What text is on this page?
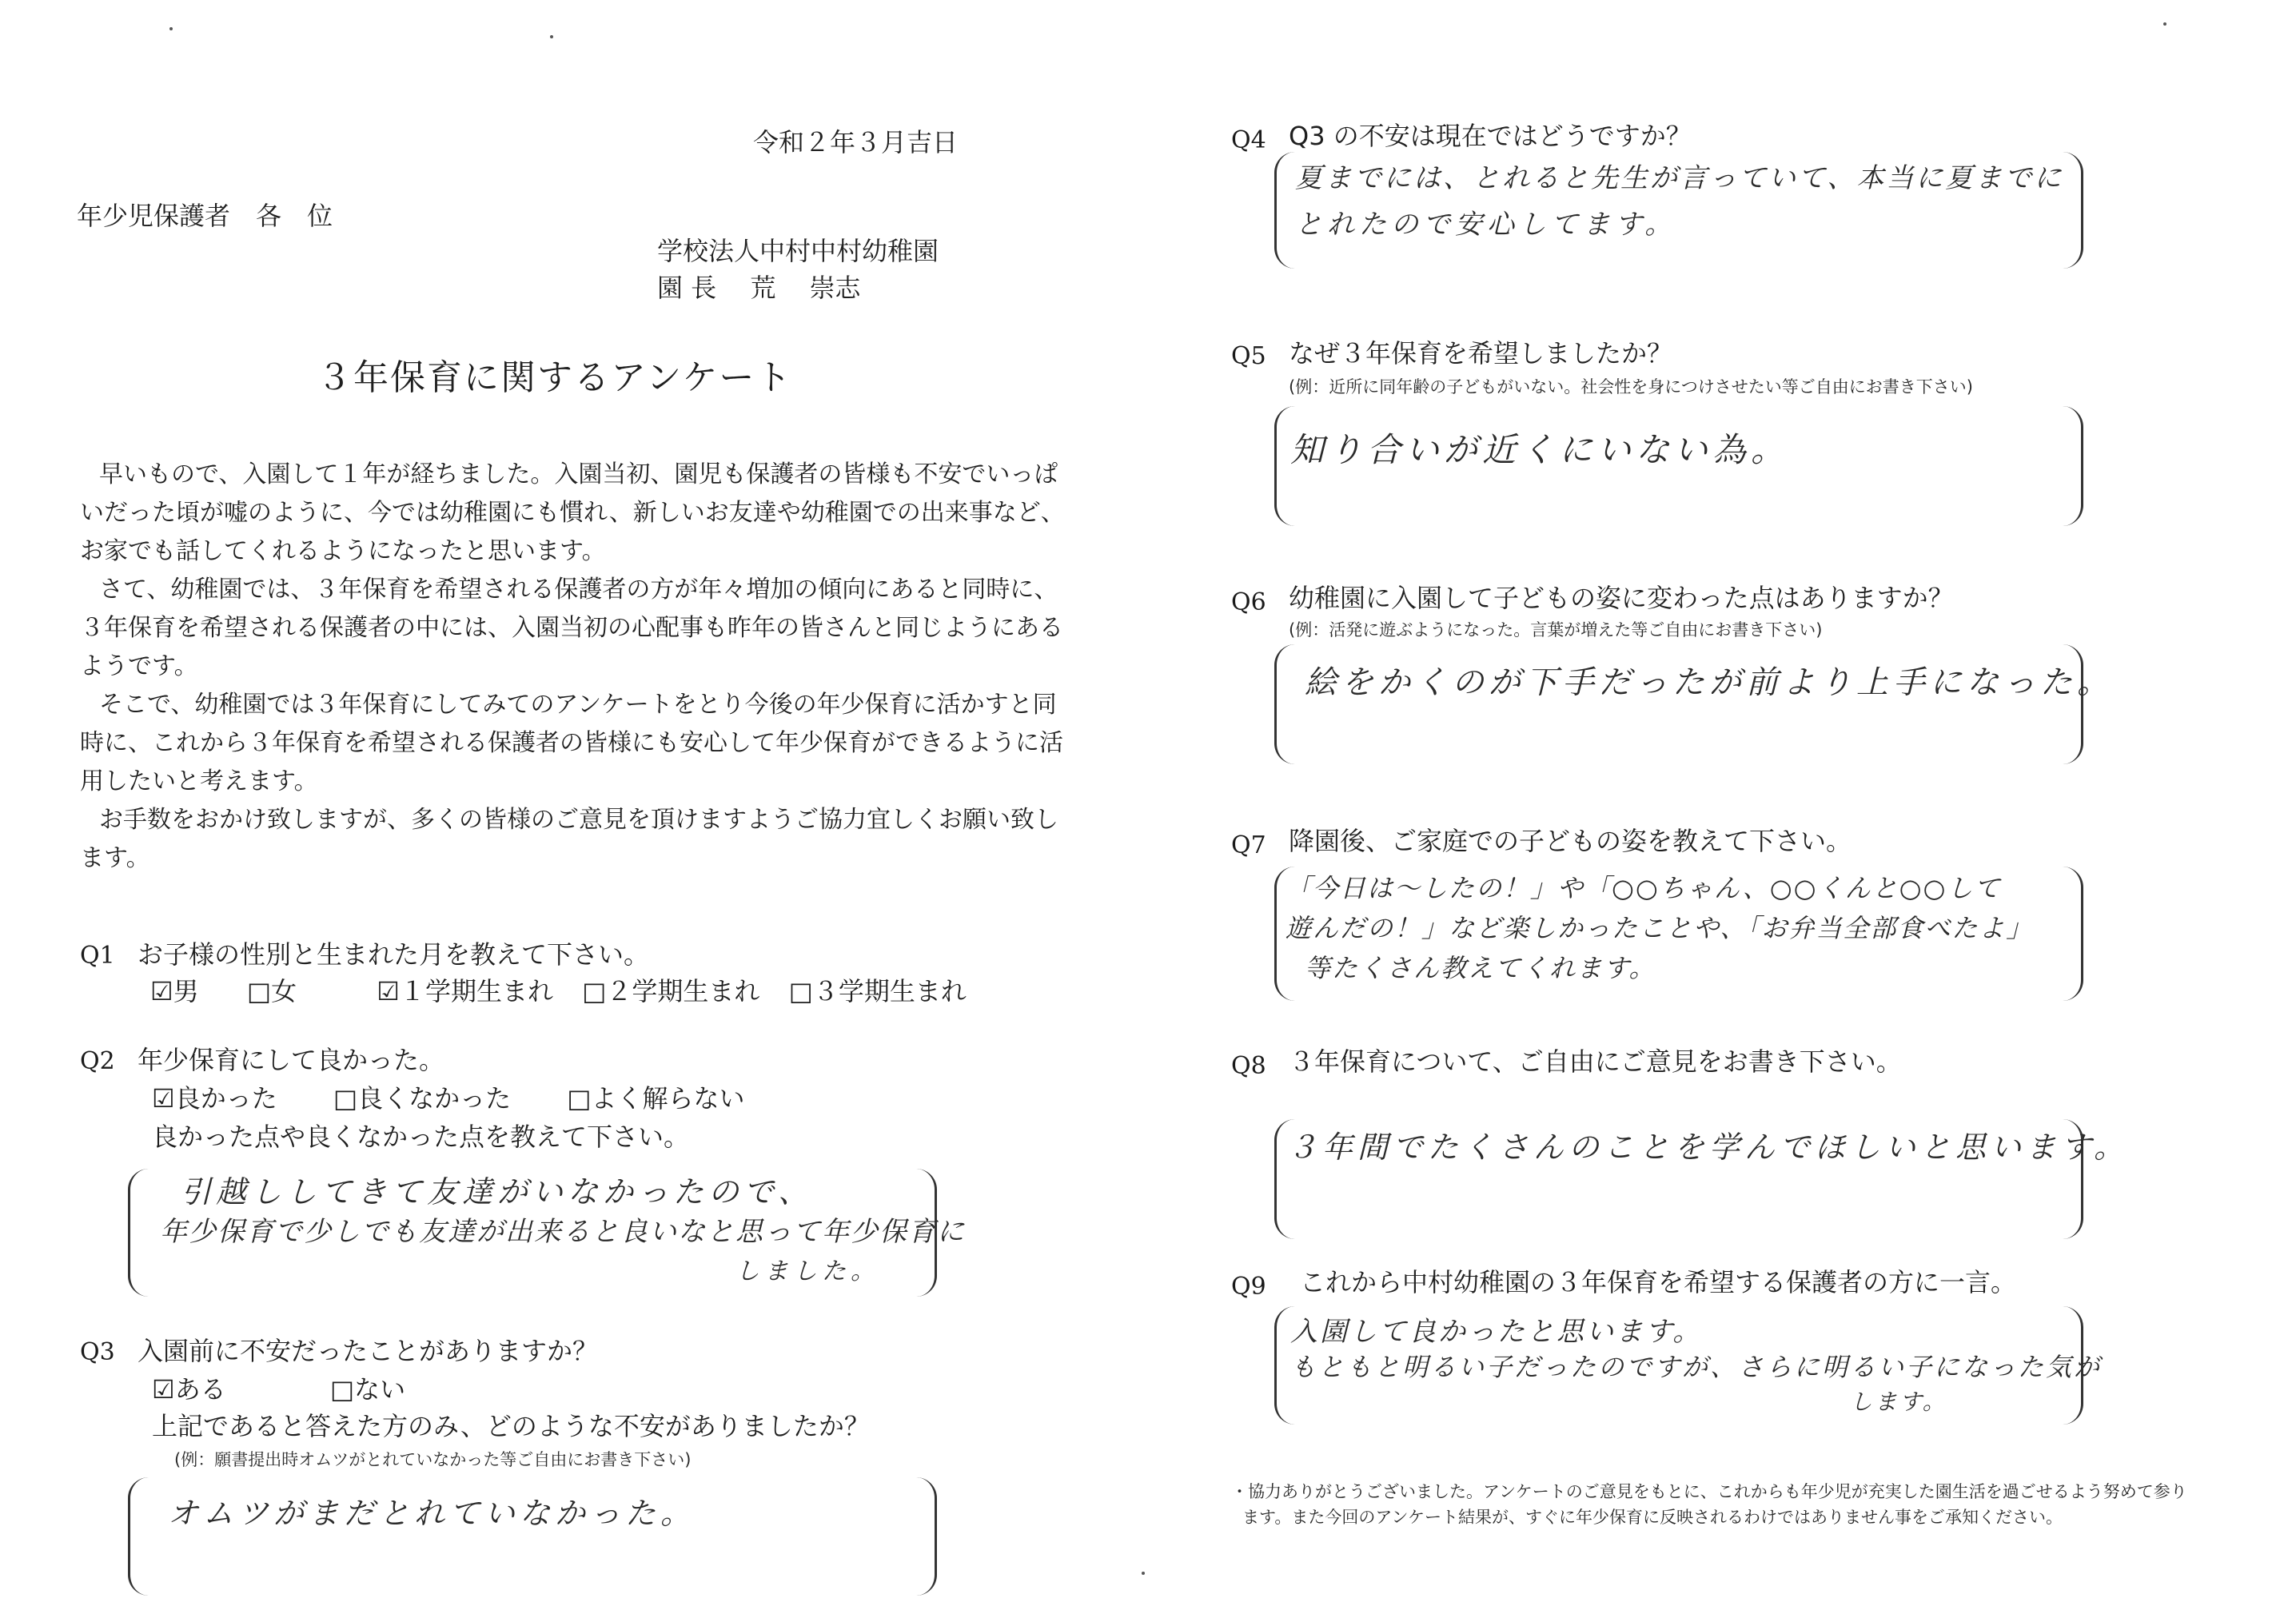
令和２年３月吉日
年少児保護者　各　位
学校法人中村中村幼稚園
園 長　 荒　 崇志
３年保育に関するアンケート
早いもので、入園して１年が経ちました。入園当初、園児も保護者の皆様も不安でいっぱ
いだった頃が嘘のように、今では幼稚園にも慣れ、新しいお友達や幼稚園での出来事など、
お家でも話してくれるようになったと思います。
さて、幼稚園では、３年保育を希望される保護者の方が年々増加の傾向にあると同時に、
３年保育を希望される保護者の中には、入園当初の心配事も昨年の皆さんと同じようにある
ようです。
そこで、幼稚園では３年保育にしてみてのアンケートをとり今後の年少保育に活かすと同
時に、これから３年保育を希望される保護者の皆様にも安心して年少保育ができるように活
用したいと考えます。
お手数をおかけ致しますが、多くの皆様のご意見を頂けますようご協力宜しくお願い致し
ます。
Q1 お子様の性別と生まれた月を教えて下さい。
☑男 □女	☑１学期生まれ □２学期生まれ □３学期生まれ
Q2 年少保育にして良かった。
☑良かった □良くなかった □よく解らない
良かった点や良くなかった点を教えて下さい。
引越ししてきて友達がいなかったので、
年少保育で少しでも友達が出来ると良いなと思って年少保育に
しました。
Q3 入園前に不安だったことがありますか？
☑ある	□ない
上記であると答えた方のみ、どのような不安がありましたか？
(例：願書提出時オムツがとれていなかった等ご自由にお書き下さい)
オムツがまだとれていなかった。
Q4 Q3 の不安は現在ではどうですか？
夏までには、とれると先生が言っていて、本当に夏までに
とれたので安心してます。
Q5 なぜ３年保育を希望しましたか？
(例：近所に同年齢の子どもがいない。社会性を身につけさせたい等ご自由にお書き下さい)
知り合いが近くにいない為。
Q6 幼稚園に入園して子どもの姿に変わった点はありますか？
(例：活発に遊ぶようになった。言葉が増えた等ご自由にお書き下さい)
絵をかくのが下手だったが前より上手になった。
Q7 降園後、ご家庭での子どもの姿を教えて下さい。
「今日は〜したの！」や「○○ちゃん、○○くんと○○して
遊んだの！」など楽しかったことや、「お弁当全部食べたよ」
等たくさん教えてくれます。
Q8 ３年保育について、ご自由にご意見をお書き下さい。
３年間でたくさんのことを学んでほしいと思います。
Q9 これから中村幼稚園の３年保育を希望する保護者の方に一言。
入園して良かったと思います。
もともと明るい子だったのですが、さらに明るい子になった気が
します。
・協力ありがとうございました。アンケートのご意見をもとに、これからも年少児が充実した園生活を過ごせるよう努めて参り
ます。また今回のアンケート結果が、すぐに年少保育に反映されるわけではありません事をご承知ください。
